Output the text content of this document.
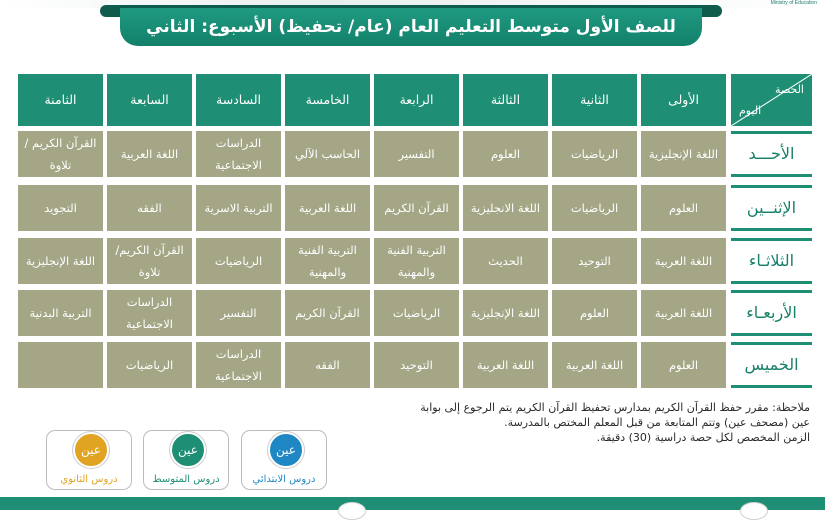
Ministry of Education
للصف الأول متوسط التعليم العام (عام/ تحفيظ) الأسبوع: الثاني
الحصة
اليوم
الأولى
الثانية
الثالثة
الرابعة
الخامسة
السادسة
السابعة
الثامنة
الأحـــد
اللغة الإنجليزية
الرياضيات
العلوم
التفسير
الحاسب الآلي
الدراسات الاجتماعية
اللغة العربية
القرآن الكريم / تلاوة
الإثنــين
العلوم
الرياضيات
اللغة الانجليزية
القرآن الكريم
اللغة العربية
التربية الاسرية
الفقه
التجويد
الثلاثـاء
اللغة العربية
التوحيد
الحديث
التربية الفنية والمهنية
التربية الفنية والمهنية
الرياضيات
القرآن الكريم/ تلاوة
اللغة الإنجليزية
الأربعـاء
اللغة العربية
العلوم
اللغة الإنجليزية
الرياضيات
القرآن الكريم
التفسير
الدراسات الاجتماعية
التربية البدنية
الخميس
العلوم
اللغة العربية
اللغة العربية
التوحيد
الفقه
الدراسات الاجتماعية
الرياضيات
ملاحظة: مقرر حفظ القرآن الكريم بمدارس تحفيظ القرآن الكريم يتم الرجوع إلى بوابة
عين (مصحف عين) وتتم المتابعة من قبل المعلم المختص بالمدرسة.
الزمن المخصص لكل حصة دراسية (30) دقيقة.
عين
دروس الابتدائي
عين
دروس المتوسط
عين
دروس الثانوي
